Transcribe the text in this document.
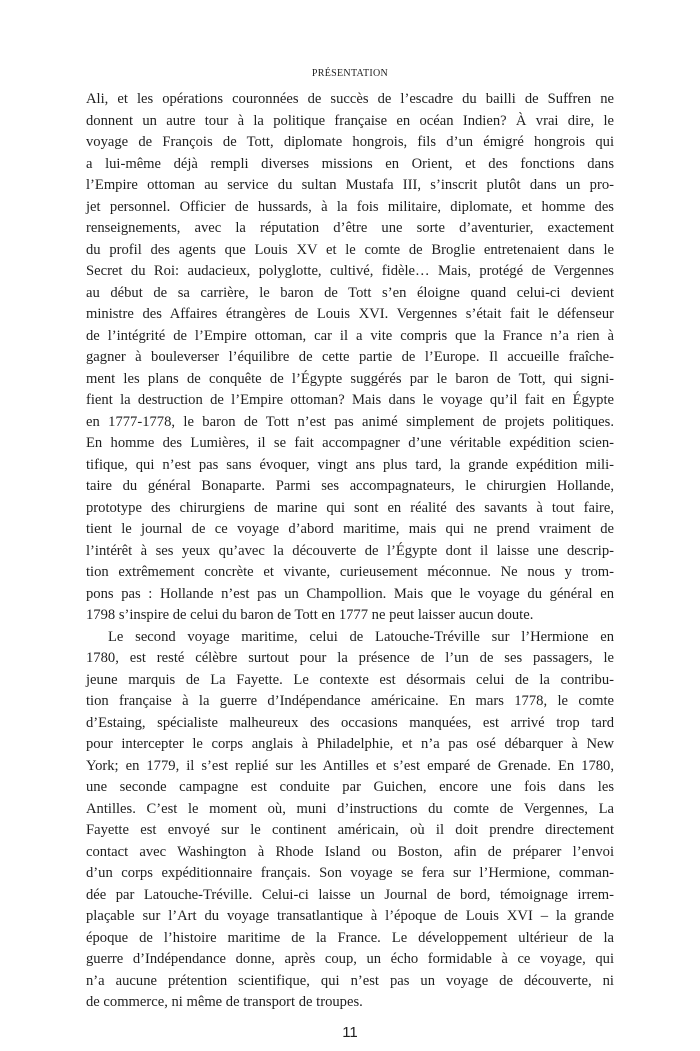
PRÉSENTATION
Ali, et les opérations couronnées de succès de l’escadre du bailli de Suffren ne
donnent un autre tour à la politique française en océan Indien? À vrai dire, le
voyage de François de Tott, diplomate hongrois, fils d’un émigré hongrois qui
a lui-même déjà rempli diverses missions en Orient, et des fonctions dans
l’Empire ottoman au service du sultan Mustafa III, s’inscrit plutôt dans un pro-
jet personnel. Officier de hussards, à la fois militaire, diplomate, et homme des
renseignements, avec la réputation d’être une sorte d’aventurier, exactement
du profil des agents que Louis XV et le comte de Broglie entretenaient dans le
Secret du Roi: audacieux, polyglotte, cultivé, fidèle… Mais, protégé de Vergennes
au début de sa carrière, le baron de Tott s’en éloigne quand celui-ci devient
ministre des Affaires étrangères de Louis XVI. Vergennes s’était fait le défenseur
de l’intégrité de l’Empire ottoman, car il a vite compris que la France n’a rien à
gagner à bouleverser l’équilibre de cette partie de l’Europe. Il accueille fraîche-
ment les plans de conquête de l’Égypte suggérés par le baron de Tott, qui signi-
fient la destruction de l’Empire ottoman? Mais dans le voyage qu’il fait en Égypte
en 1777-1778, le baron de Tott n’est pas animé simplement de projets politiques.
En homme des Lumières, il se fait accompagner d’une véritable expédition scien-
tifique, qui n’est pas sans évoquer, vingt ans plus tard, la grande expédition mili-
taire du général Bonaparte. Parmi ses accompagnateurs, le chirurgien Hollande,
prototype des chirurgiens de marine qui sont en réalité des savants à tout faire,
tient le journal de ce voyage d’abord maritime, mais qui ne prend vraiment de
l’intérêt à ses yeux qu’avec la découverte de l’Égypte dont il laisse une descrip-
tion extrêmement concrète et vivante, curieusement méconnue. Ne nous y trom-
pons pas : Hollande n’est pas un Champollion. Mais que le voyage du général en
1798 s’inspire de celui du baron de Tott en 1777 ne peut laisser aucun doute.
Le second voyage maritime, celui de Latouche-Tréville sur l’Hermione en
1780, est resté célèbre surtout pour la présence de l’un de ses passagers, le
jeune marquis de La Fayette. Le contexte est désormais celui de la contribu-
tion française à la guerre d’Indépendance américaine. En mars 1778, le comte
d’Estaing, spécialiste malheureux des occasions manquées, est arrivé trop tard
pour intercepter le corps anglais à Philadelphie, et n’a pas osé débarquer à New
York; en 1779, il s’est replié sur les Antilles et s’est emparé de Grenade. En 1780,
une seconde campagne est conduite par Guichen, encore une fois dans les
Antilles. C’est le moment où, muni d’instructions du comte de Vergennes, La
Fayette est envoyé sur le continent américain, où il doit prendre directement
contact avec Washington à Rhode Island ou Boston, afin de préparer l’envoi
d’un corps expéditionnaire français. Son voyage se fera sur l’Hermione, comman-
dée par Latouche-Tréville. Celui-ci laisse un Journal de bord, témoignage irrem-
plaçable sur l’Art du voyage transatlantique à l’époque de Louis XVI – la grande
époque de l’histoire maritime de la France. Le développement ultérieur de la
guerre d’Indépendance donne, après coup, un écho formidable à ce voyage, qui
n’a aucune prétention scientifique, qui n’est pas un voyage de découverte, ni
de commerce, ni même de transport de troupes.
11
